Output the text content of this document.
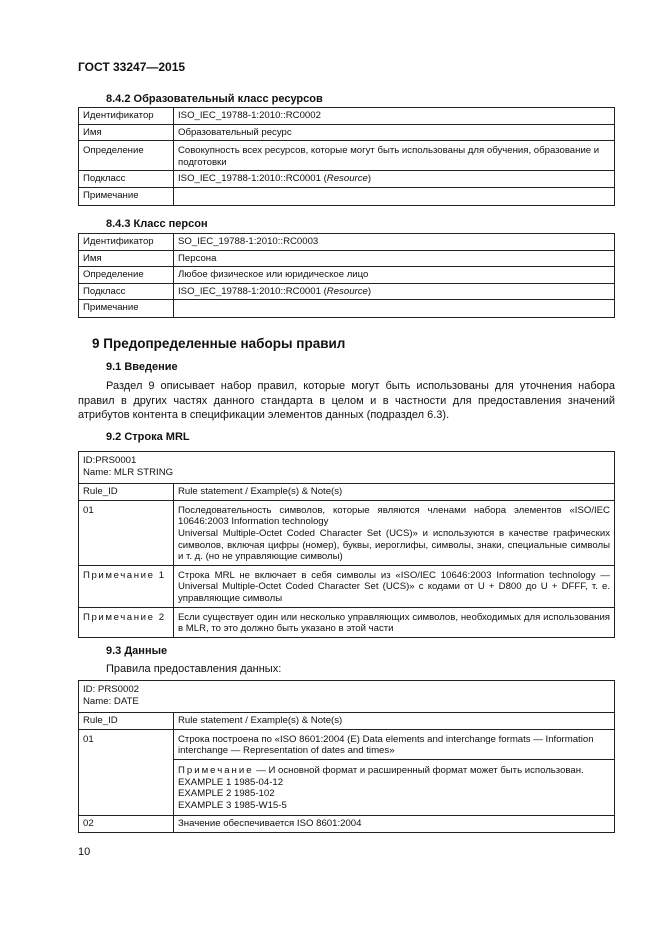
ГОСТ 33247—2015
8.4.2 Образовательный класс ресурсов
Идентификатор	ISO_IEC_19788-1:2010::RC0002
Имя	Образовательный ресурс
Определение	Совокупность всех ресурсов, которые могут быть использованы для обучения, образование и подготовки
Подкласс	ISO_IEC_19788-1:2010::RC0001 (Resource)
Примечание	
8.4.3 Класс персон
Идентификатор	SO_IEC_19788-1:2010::RC0003
Имя	Персона
Определение	Любое физическое или юридическое лицо
Подкласс	ISO_IEC_19788-1:2010::RC0001 (Resource)
Примечание	
9 Предопределенные наборы правил
9.1 Введение
Раздел 9 описывает набор правил, которые могут быть использованы для уточнения набора правил в других частях данного стандарта в целом и в частности для предоставления значений атрибутов контента в спецификации элементов данных (подраздел 6.3).
9.2 Строка MRL
ID:PRS0001
Name: MLR STRING	

Rule_ID	Rule statement / Example(s) & Note(s)
01	Последовательность символов, которые являются членами набора элементов «ISO/IEC 10646:2003 Information technology
Universal Multiple-Octet Coded Character Set (UCS)» и используются в качестве графических символов, включая цифры (номер), буквы, иероглифы, символы, знаки, специальные символы и т. д. (но не управляющие символы)

Примечание 1	Строка MRL не включает в себя символы из «ISO/IEC 10646:2003 Information technology — Universal Multiple-Octet Coded Character Set (UCS)» с кодами от U + D800 до U + DFFF, т. е. управляющие символы
Примечание 2	Если существует один или несколько управляющих символов, необходимых для использования в MLR, то это должно быть указано в этой части
9.3 Данные
Правила предоставления данных:
ID: PRS0002
Name: DATE	

Rule_ID	Rule statement / Example(s) & Note(s)
01	Строка построена по «ISO 8601:2004 (E) Data elements and interchange formats — Information interchange — Representation of dates and times»

	Примечание — И основной формат и расширенный формат может быть использован.
EXAMPLE 1 1985-04-12
EXAMPLE 2 1985-102
EXAMPLE 3 1985-W15-5

02	Значение обеспечивается ISO 8601:2004
10
